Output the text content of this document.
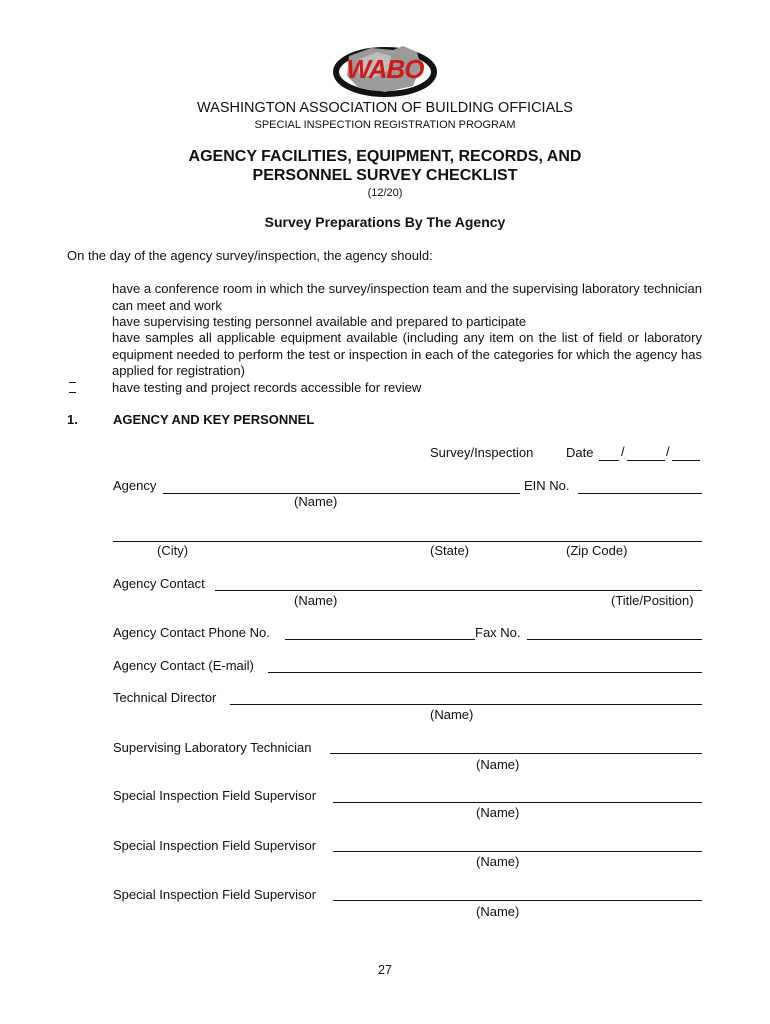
WABO
WASHINGTON ASSOCIATION OF BUILDING OFFICIALS
SPECIAL INSPECTION REGISTRATION PROGRAM
AGENCY FACILITIES, EQUIPMENT, RECORDS, AND
PERSONNEL SURVEY CHECKLIST
(12/20)
Survey Preparations By The Agency
On the day of the agency survey/inspection, the agency should:
have a conference room in which the survey/inspection team and the supervising laboratory technician can meet and work
have supervising testing personnel available and prepared to participate
have samples all applicable equipment available (including any item on the list of field or laboratory equipment needed to perform the test or inspection in each of the categories for which the agency has applied for registration)
have testing and project records accessible for review
1.	AGENCY AND KEY PERSONNEL
Survey/Inspection	Date /	/
Agency	EIN No.
(Name)
(City)	(State)	(Zip Code)
Agency Contact
(Name)	(Title/Position)
Agency Contact Phone No.	Fax No.
Agency Contact (E-mail)
Technical Director
(Name)
Supervising Laboratory Technician
(Name)
Special Inspection Field Supervisor
(Name)
Special Inspection Field Supervisor
(Name)
Special Inspection Field Supervisor
(Name)
27
